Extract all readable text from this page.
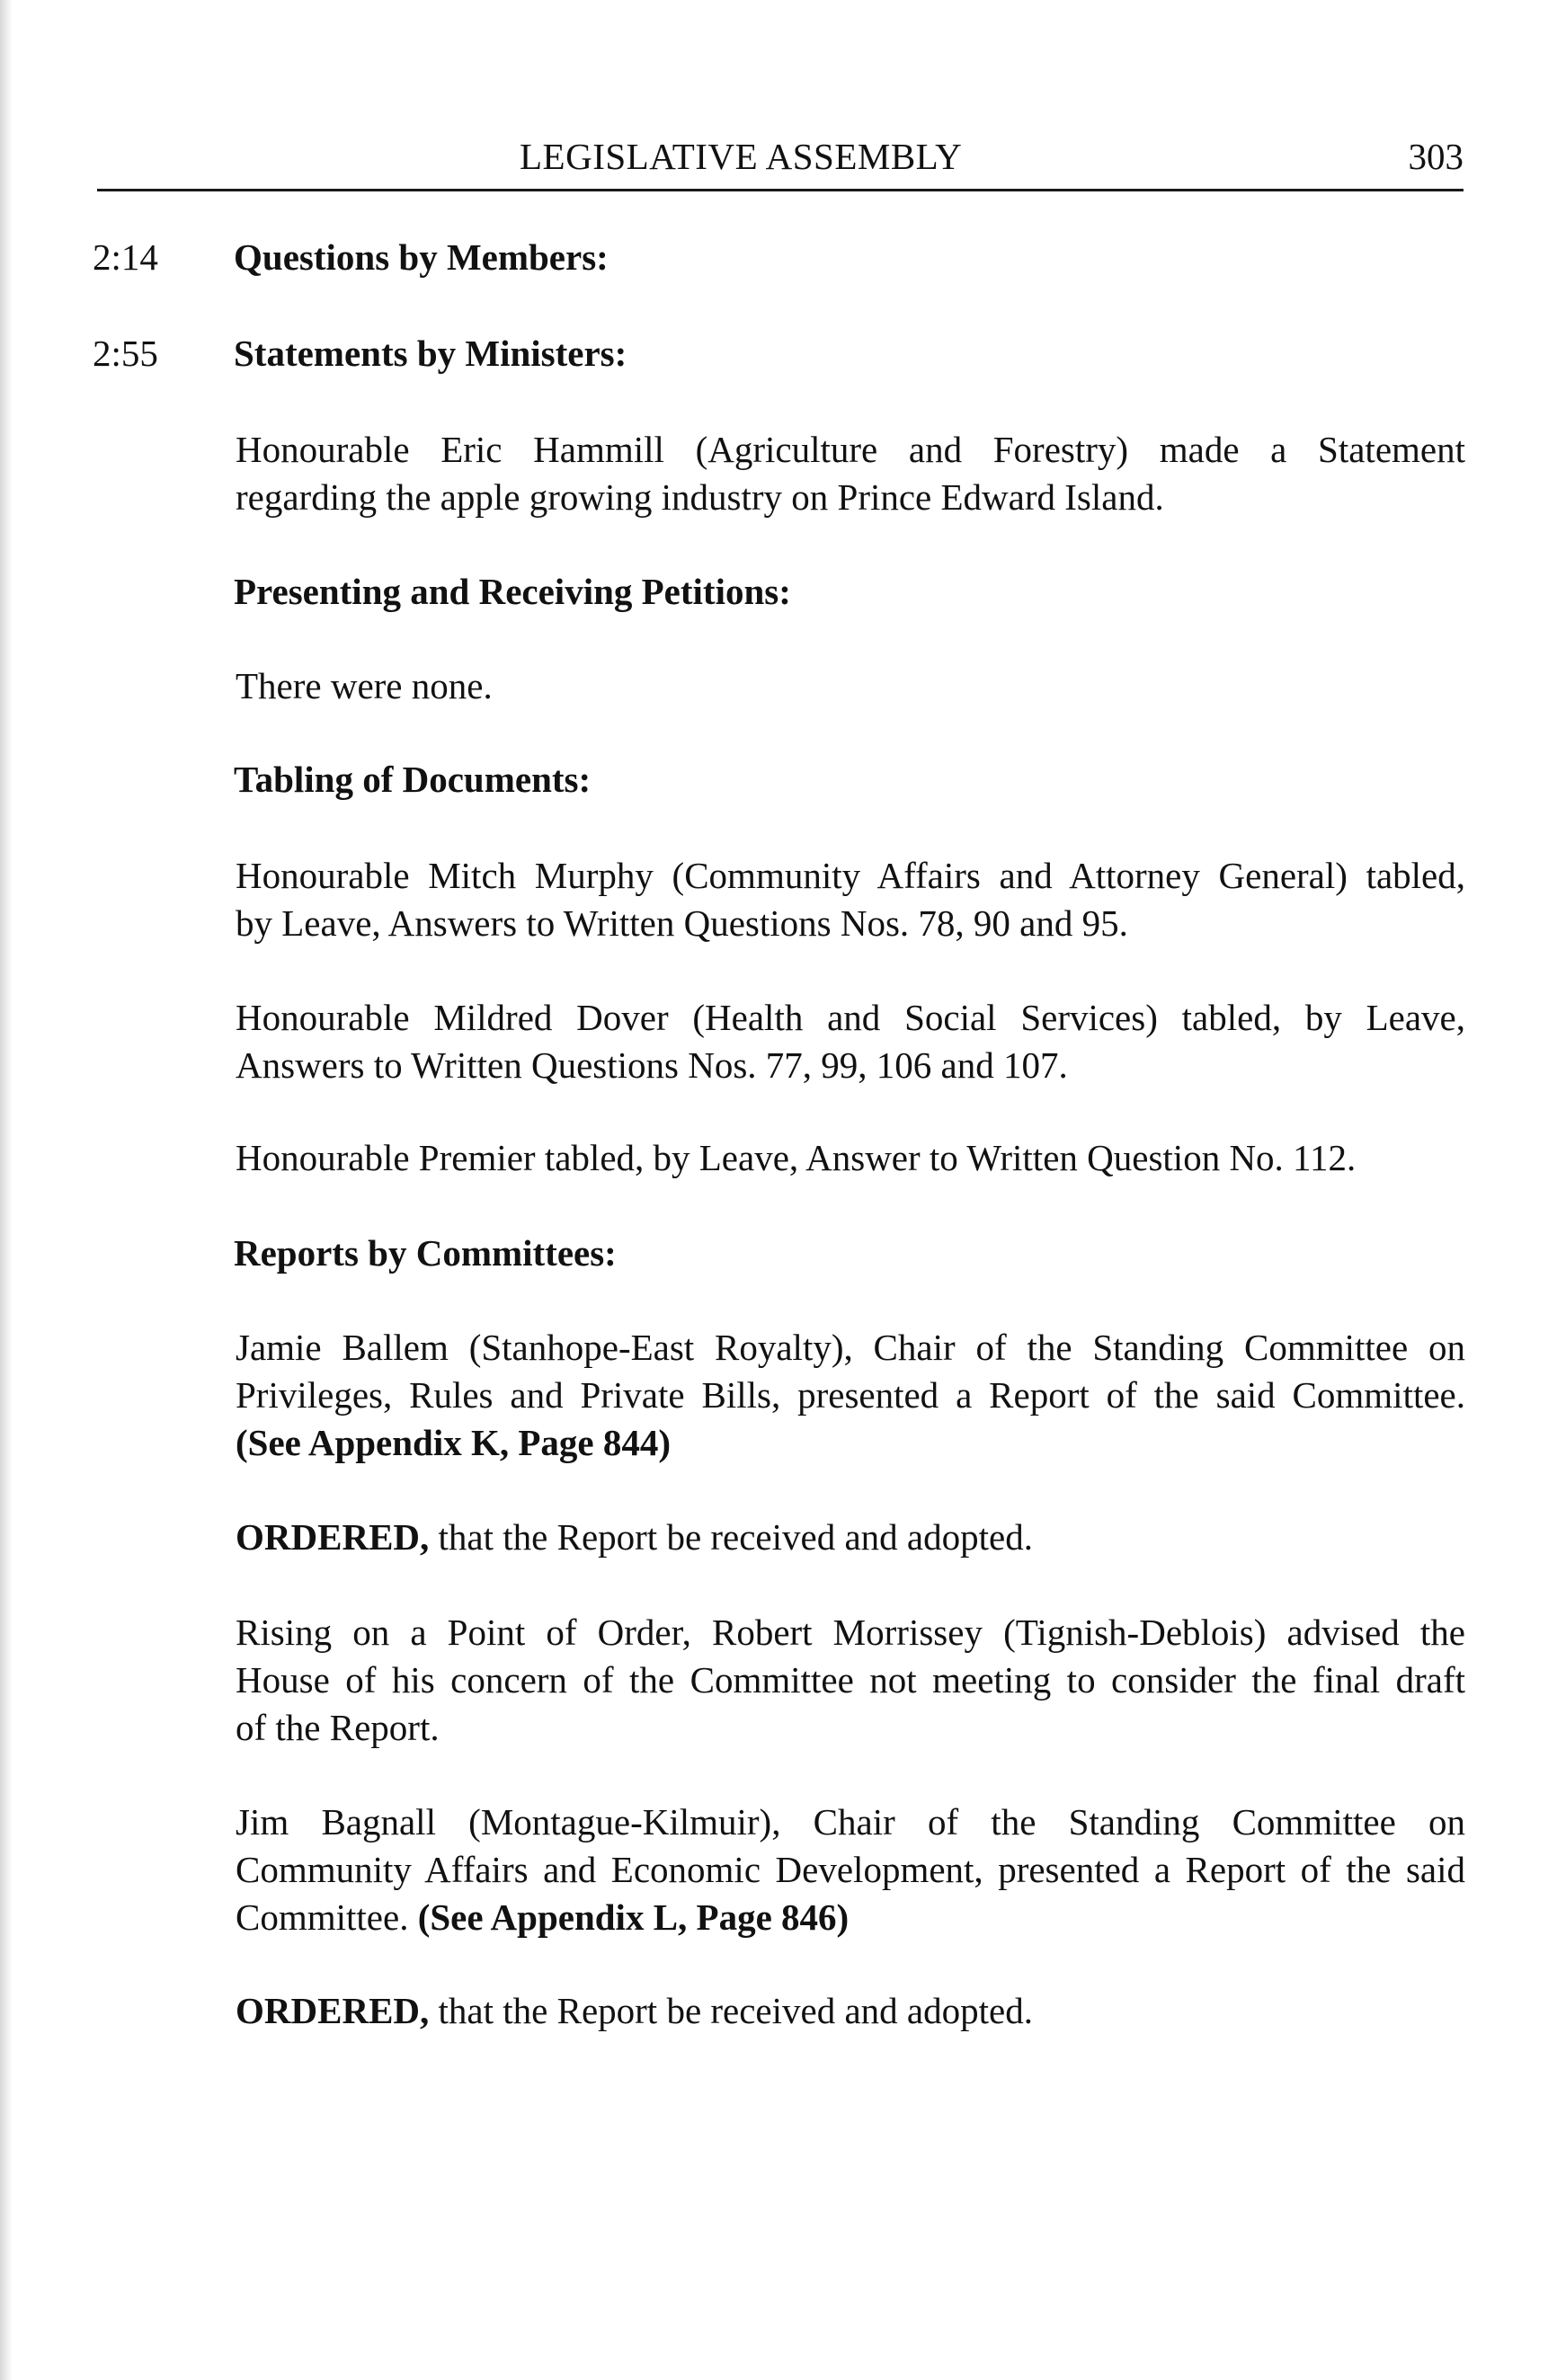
LEGISLATIVE ASSEMBLY	303
2:14 Questions by Members:
2:55 Statements by Ministers:
Honourable Eric Hammill (Agriculture and Forestry) made a Statement
regarding the apple growing industry on Prince Edward Island.
Presenting and Receiving Petitions:
There were none.
Tabling of Documents:
Honourable Mitch Murphy (Community Affairs and Attorney General) tabled,
by Leave, Answers to Written Questions Nos. 78, 90 and 95.
Honourable Mildred Dover (Health and Social Services) tabled, by Leave,
Answers to Written Questions Nos. 77, 99, 106 and 107.
Honourable Premier tabled, by Leave, Answer to Written Question No. 112.
Reports by Committees:
Jamie Ballem (Stanhope-East Royalty), Chair of the Standing Committee on
Privileges, Rules and Private Bills, presented a Report of the said Committee.
(See Appendix K, Page 844)
ORDERED, that the Report be received and adopted.
Rising on a Point of Order, Robert Morrissey (Tignish-Deblois) advised the
House of his concern of the Committee not meeting to consider the final draft
of the Report.
Jim Bagnall (Montague-Kilmuir), Chair of the Standing Committee on
Community Affairs and Economic Development, presented a Report of the said
Committee. (See Appendix L, Page 846)
ORDERED, that the Report be received and adopted.
